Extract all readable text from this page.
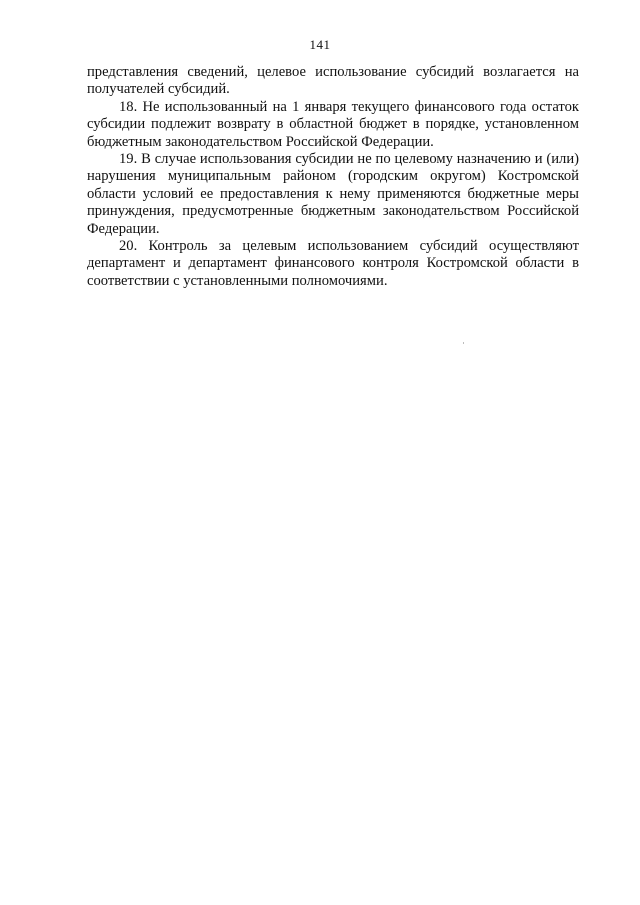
141

представления сведений, целевое использование субсидий возлагается на получателей субсидий.

18. Не использованный на 1 января текущего финансового года остаток субсидии подлежит возврату в областной бюджет в порядке, установленном бюджетным законодательством Российской Федерации.

19. В случае использования субсидии не по целевому назначению и (или) нарушения муниципальным районом (городским округом) Костромской области условий ее предоставления к нему применяются бюджетные меры принуждения, предусмотренные бюджетным законодательством Российской Федерации.

20. Контроль за целевым использованием субсидий осуществляют департамент и департамент финансового контроля Костромской области в соответствии с установленными полномочиями.
